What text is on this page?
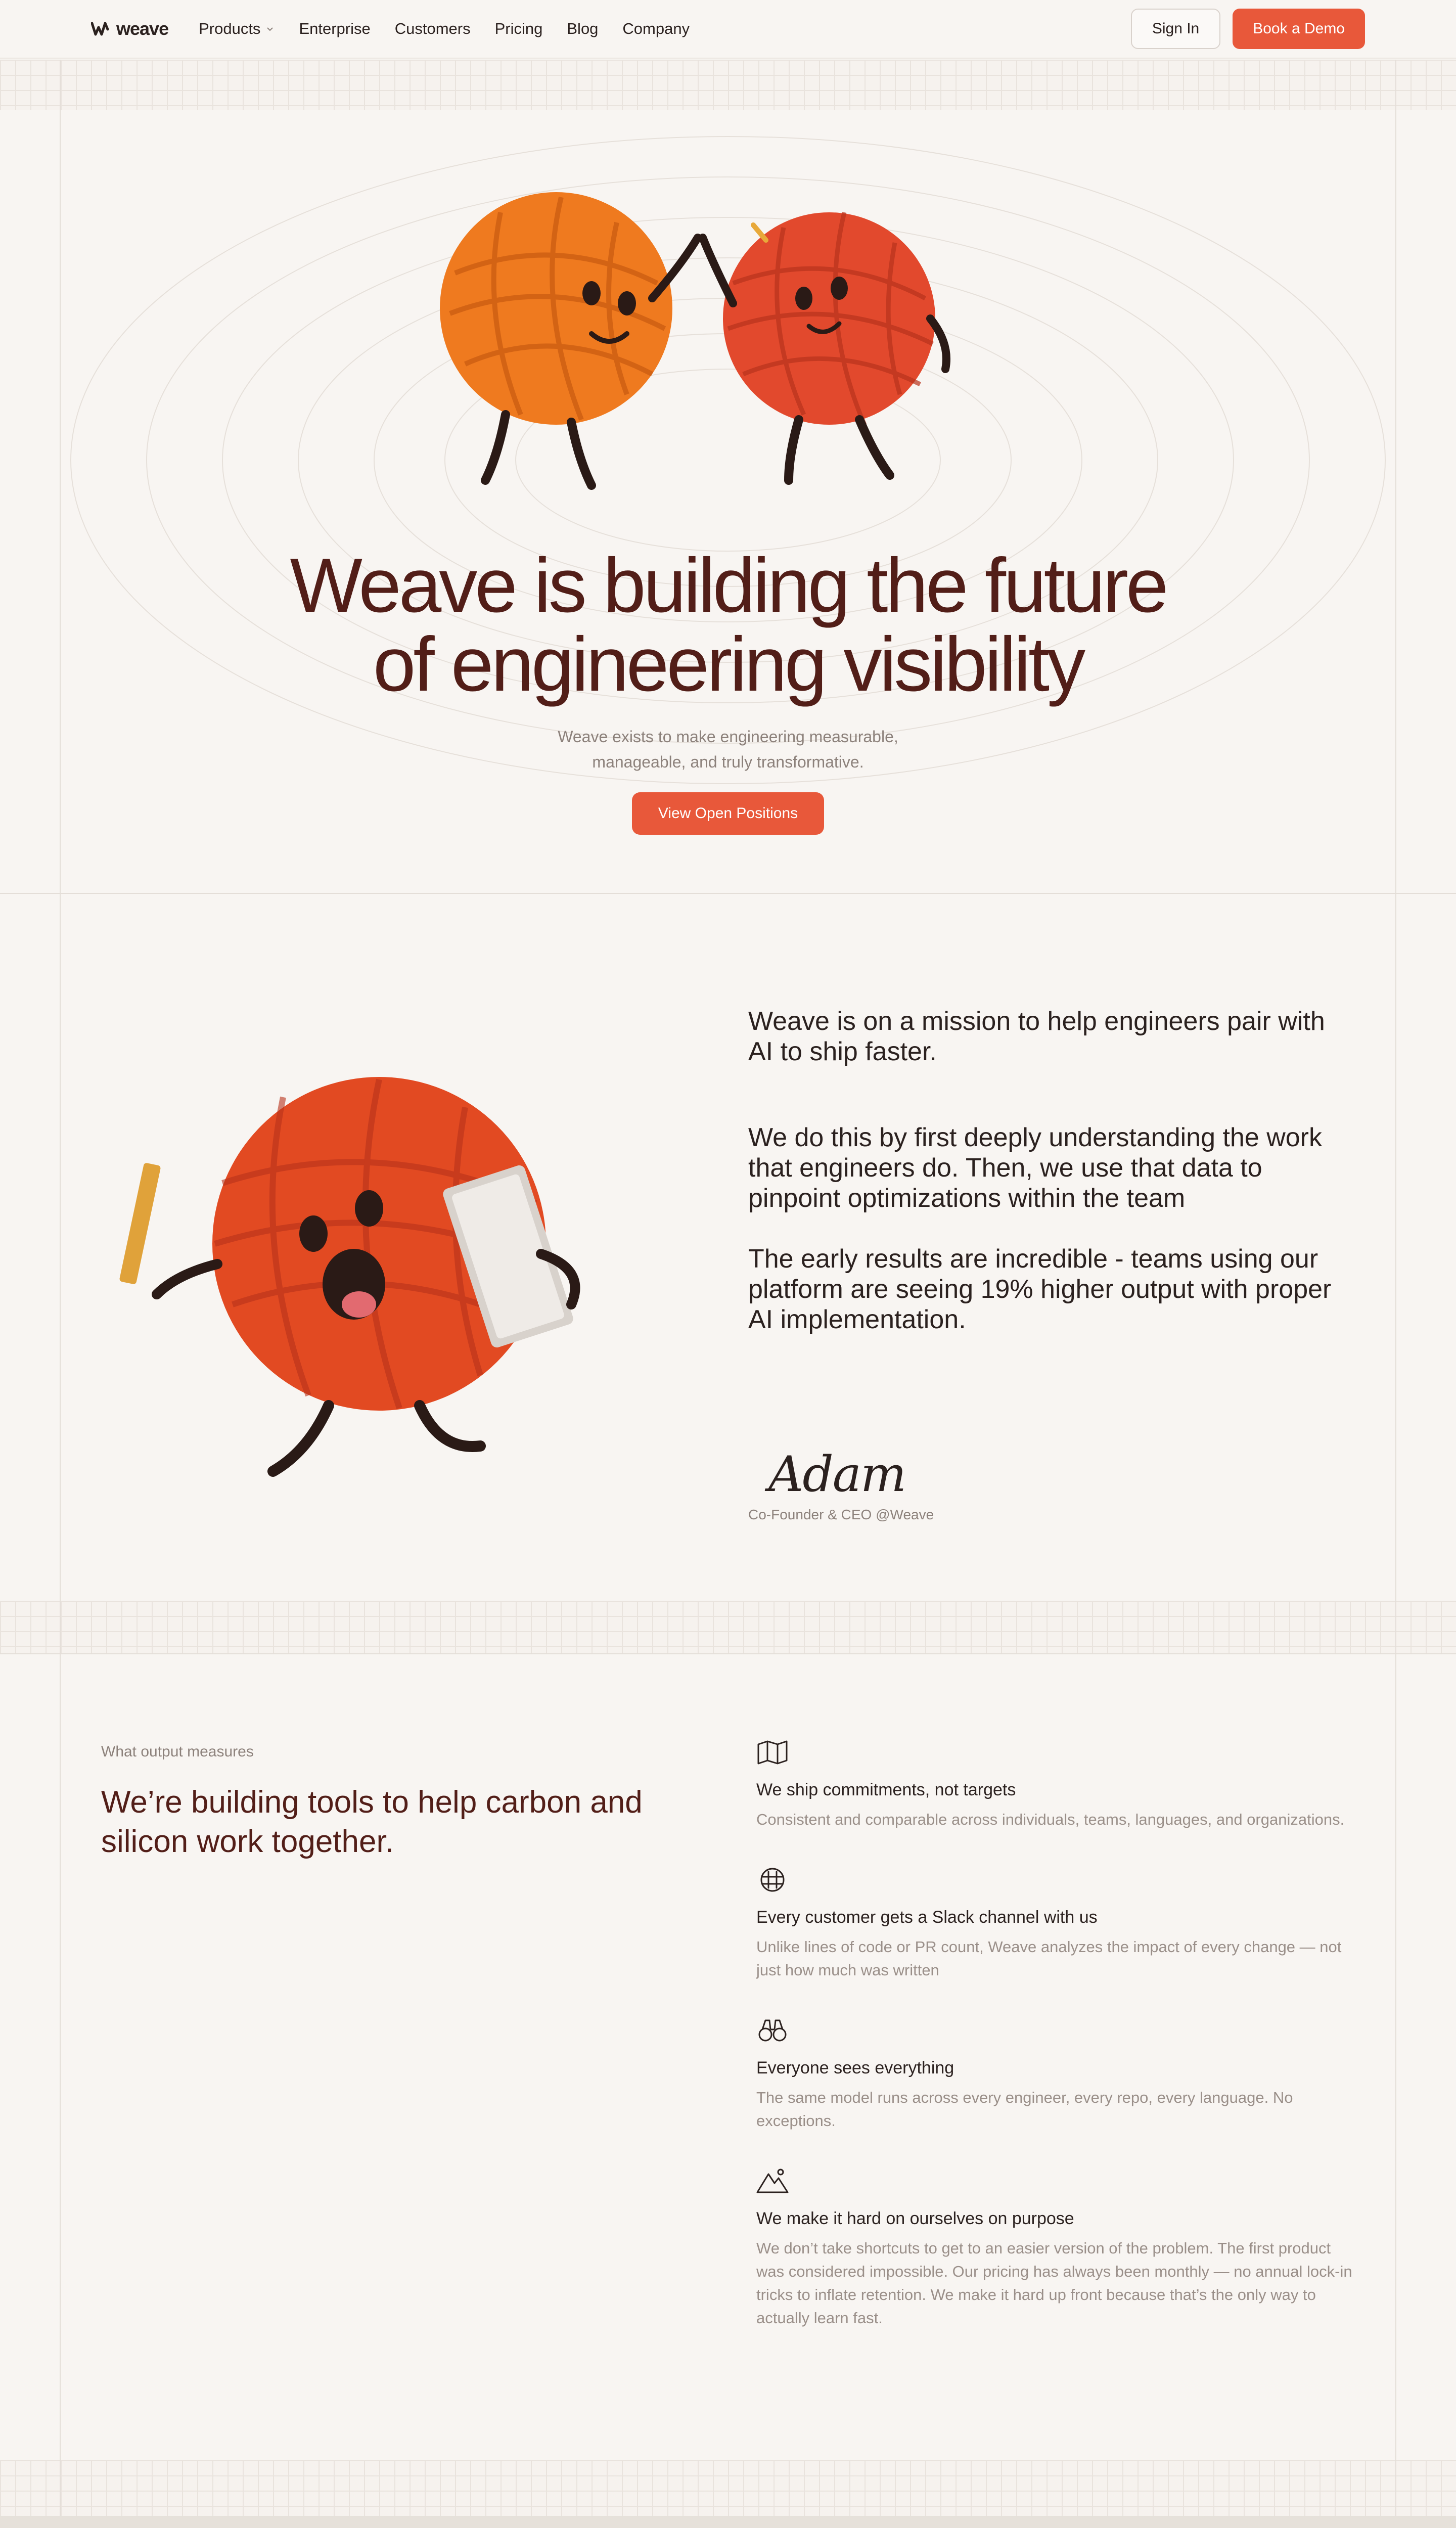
weave Products Enterprise Customers Pricing Blog Company	Sign In	Book a Demo
Weave is building the future
of engineering visibility
Weave exists to make engineering measurable, manageable, and truly transformative.
View Open Positions

Weave is on a mission to help engineers pair with AI to ship faster.

We do this by first deeply understanding the work that engineers do. Then, we use that data to pinpoint optimizations within the team

The early results are incredible - teams using our platform are seeing 19% higher output with proper AI implementation.

Adam
Co-Founder & CEO @Weave
What output measures
We’re building tools to help carbon and silicon work together.
We ship commitments, not targets
Consistent and comparable across individuals, teams, languages, and organizations.
Every customer gets a Slack channel with us
Unlike lines of code or PR count, Weave analyzes the impact of every change — not just how much was written
Everyone sees everything
The same model runs across every engineer, every repo, every language. No exceptions.
We make it hard on ourselves on purpose
We don’t take shortcuts to get to an easier version of the problem. The first product was considered impossible. Our pricing has always been monthly — no annual lock-in tricks to inflate retention. We make it hard up front because that’s the only way to actually learn fast.
